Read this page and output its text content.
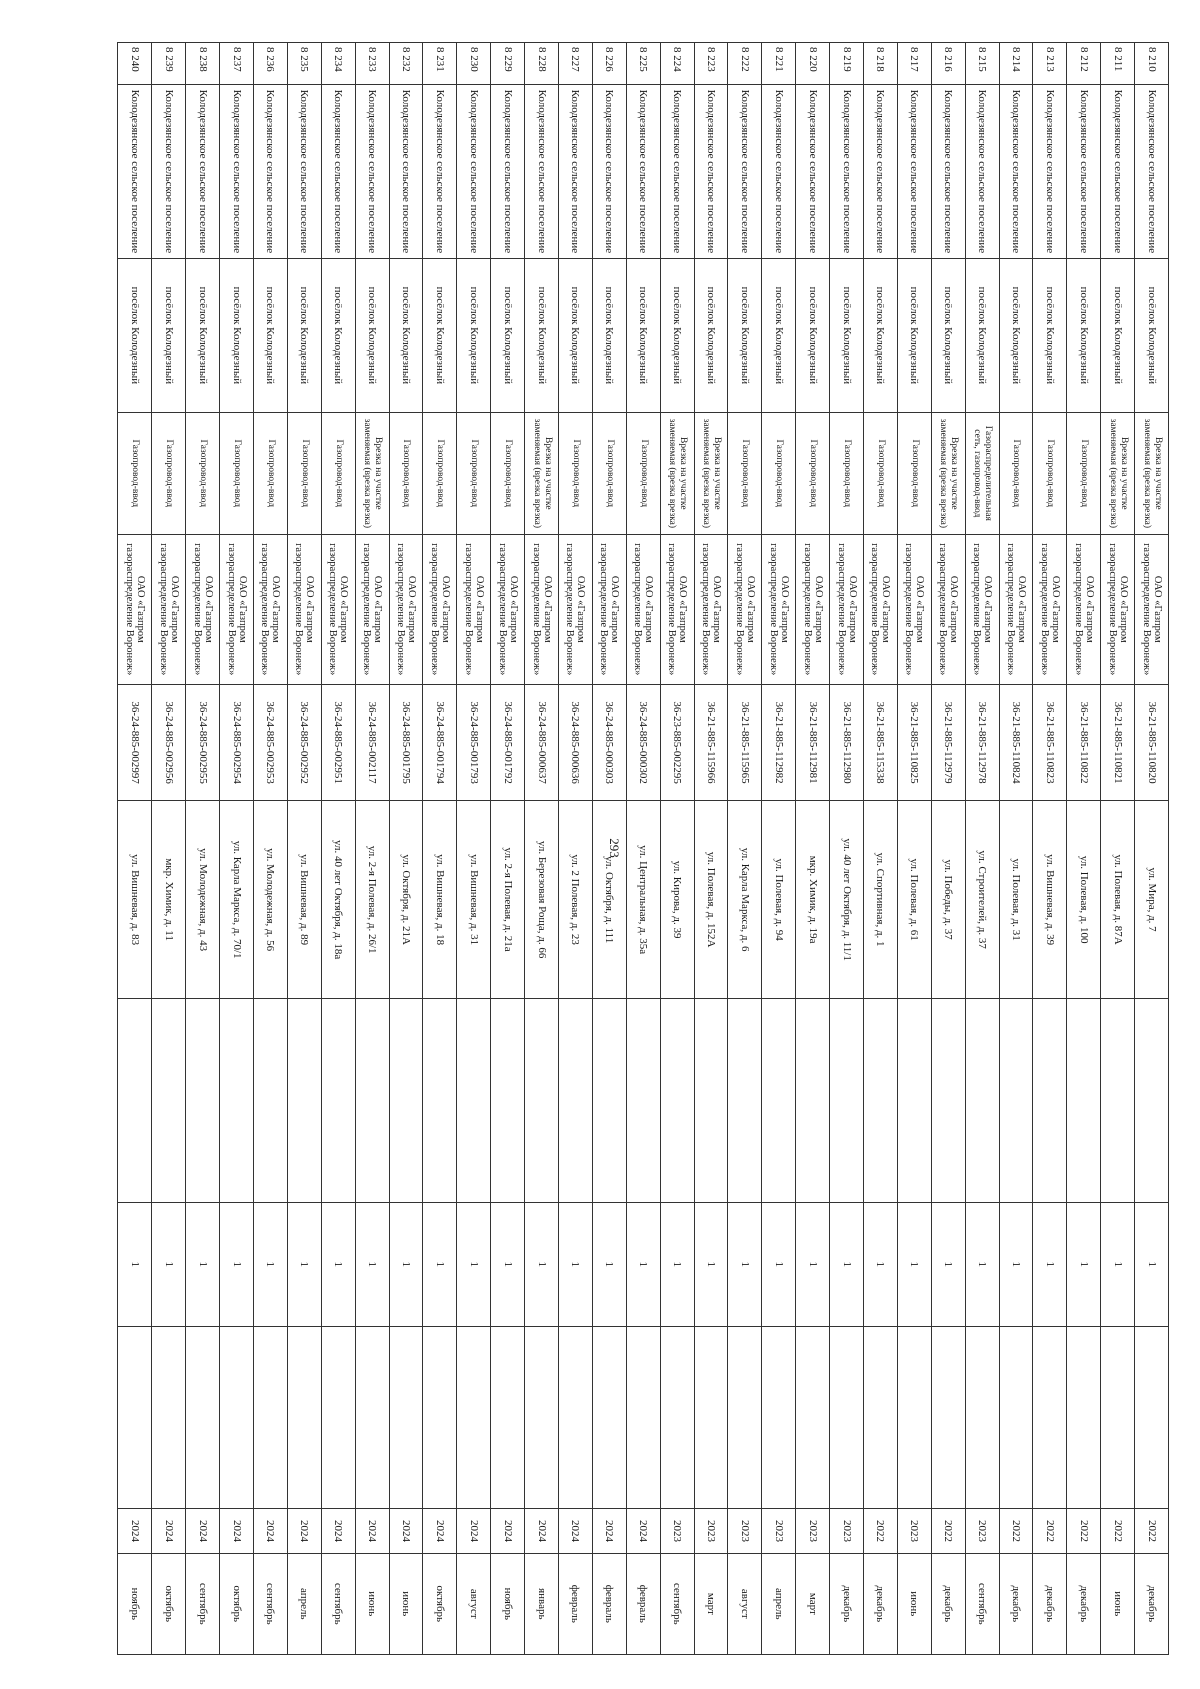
293
8 210	Колодезянское сельское поселение	посёлок Колодезный	Врезка на участке заменяемая (врезка врезка)	ОАО «Газпром газораспределение Воронеж»	36-21-885-110820	ул. Мира, д. 7		1		2022	декабрь
8 211	Колодезянское сельское поселение	посёлок Колодезный	Врезка на участке заменяемая (врезка врезка)	ОАО «Газпром газораспределение Воронеж»	36-21-885-110821	ул. Полевая, д. 87А		1		2022	июнь
8 212	Колодезянское сельское поселение	посёлок Колодезный	Газопровод-ввод	ОАО «Газпром газораспределение Воронеж»	36-21-885-110822	ул. Полевая, д. 100		1		2022	декабрь
8 213	Колодезянское сельское поселение	посёлок Колодезный	Газопровод-ввод	ОАО «Газпром газораспределение Воронеж»	36-21-885-110823	ул. Вишневая, д. 39		1		2022	декабрь
8 214	Колодезянское сельское поселение	посёлок Колодезный	Газопровод-ввод	ОАО «Газпром газораспределение Воронеж»	36-21-885-110824	ул. Полевая, д. 31		1		2022	декабрь
8 215	Колодезянское сельское поселение	посёлок Колодезный	Газораспределительная сеть, газопровод-ввод	ОАО «Газпром газораспределение Воронеж»	36-21-885-112978	ул. Строителей, д. 37		1		2023	сентябрь
8 216	Колодезянское сельское поселение	посёлок Колодезный	Врезка на участке заменяемая (врезка врезка)	ОАО «Газпром газораспределение Воронеж»	36-21-885-112979	ул. Победы, д. 37		1		2022	декабрь
8 217	Колодезянское сельское поселение	посёлок Колодезный	Газопровод-ввод	ОАО «Газпром газораспределение Воронеж»	36-21-885-110825	ул. Полевая, д. 61		1		2023	июнь
8 218	Колодезянское сельское поселение	посёлок Колодезный	Газопровод-ввод	ОАО «Газпром газораспределение Воронеж»	36-21-885-115338	ул. Спортивная, д. 1		1		2022	декабрь
8 219	Колодезянское сельское поселение	посёлок Колодезный	Газопровод-ввод	ОАО «Газпром газораспределение Воронеж»	36-21-885-112980	ул. 40 лет Октября, д. 11/1		1		2023	декабрь
8 220	Колодезянское сельское поселение	посёлок Колодезный	Газопровод-ввод	ОАО «Газпром газораспределение Воронеж»	36-21-885-112981	мкр. Химик, д. 19а		1		2023	март
8 221	Колодезянское сельское поселение	посёлок Колодезный	Газопровод-ввод	ОАО «Газпром газораспределение Воронеж»	36-21-885-112982	ул. Полевая, д. 94		1		2023	апрель
8 222	Колодезянское сельское поселение	посёлок Колодезный	Газопровод-ввод	ОАО «Газпром газораспределение Воронеж»	36-21-885-115965	ул. Карла Маркса, д. 6		1		2023	август
8 223	Колодезянское сельское поселение	посёлок Колодезный	Врезка на участке заменяемая (врезка врезка)	ОАО «Газпром газораспределение Воронеж»	36-21-885-115966	ул. Полевая, д. 152А		1		2023	март
8 224	Колодезянское сельское поселение	посёлок Колодезный	Врезка на участке заменяемая (врезка врезка)	ОАО «Газпром газораспределение Воронеж»	36-23-885-002295	ул. Кирова, д. 39		1		2023	сентябрь
8 225	Колодезянское сельское поселение	посёлок Колодезный	Газопровод-ввод	ОАО «Газпром газораспределение Воронеж»	36-24-885-000302	ул. Центральная, д. 35а		1		2024	февраль
8 226	Колодезянское сельское поселение	посёлок Колодезный	Газопровод-ввод	ОАО «Газпром газораспределение Воронеж»	36-24-885-000303	ул. Октября, д. 111		1		2024	февраль
8 227	Колодезянское сельское поселение	посёлок Колодезный	Газопровод-ввод	ОАО «Газпром газораспределение Воронеж»	36-24-885-000636	ул. 2 Полевая, д. 23		1		2024	февраль
8 228	Колодезянское сельское поселение	посёлок Колодезный	Врезка на участке заменяемая (врезка врезка)	ОАО «Газпром газораспределение Воронеж»	36-24-885-000637	ул. Березовая Роща, д. 66		1		2024	январь
8 229	Колодезянское сельское поселение	посёлок Колодезный	Газопровод-ввод	ОАО «Газпром газораспределение Воронеж»	36-24-885-001792	ул. 2-я Полевая, д. 21а		1		2024	ноябрь
8 230	Колодезянское сельское поселение	посёлок Колодезный	Газопровод-ввод	ОАО «Газпром газораспределение Воронеж»	36-24-885-001793	ул. Вишневая, д. 31		1		2024	август
8 231	Колодезянское сельское поселение	посёлок Колодезный	Газопровод-ввод	ОАО «Газпром газораспределение Воронеж»	36-24-885-001794	ул. Вишневая, д. 18		1		2024	октябрь
8 232	Колодезянское сельское поселение	посёлок Колодезный	Газопровод-ввод	ОАО «Газпром газораспределение Воронеж»	36-24-885-001795	ул. Октября, д. 21А		1		2024	июнь
8 233	Колодезянское сельское поселение	посёлок Колодезный	Врезка на участке заменяемая (врезка врезка)	ОАО «Газпром газораспределение Воронеж»	36-24-885-002117	ул. 2-я Полевая, д. 26/1		1		2024	июнь
8 234	Колодезянское сельское поселение	посёлок Колодезный	Газопровод-ввод	ОАО «Газпром газораспределение Воронеж»	36-24-885-002951	ул. 40 лет Октября, д. 18а		1		2024	сентябрь
8 235	Колодезянское сельское поселение	посёлок Колодезный	Газопровод-ввод	ОАО «Газпром газораспределение Воронеж»	36-24-885-002952	ул. Вишневая, д. 89		1		2024	апрель
8 236	Колодезянское сельское поселение	посёлок Колодезный	Газопровод-ввод	ОАО «Газпром газораспределение Воронеж»	36-24-885-002953	ул. Молодежная, д. 56		1		2024	сентябрь
8 237	Колодезянское сельское поселение	посёлок Колодезный	Газопровод-ввод	ОАО «Газпром газораспределение Воронеж»	36-24-885-002954	ул. Карла Маркса, д. 70/1		1		2024	октябрь
8 238	Колодезянское сельское поселение	посёлок Колодезный	Газопровод-ввод	ОАО «Газпром газораспределение Воронеж»	36-24-885-002955	ул. Молодежная, д. 43		1		2024	сентябрь
8 239	Колодезянское сельское поселение	посёлок Колодезный	Газопровод-ввод	ОАО «Газпром газораспределение Воронеж»	36-24-885-002956	мкр. Химик, д. 11		1		2024	октябрь
8 240	Колодезянское сельское поселение	посёлок Колодезный	Газопровод-ввод	ОАО «Газпром газораспределение Воронеж»	36-24-885-002997	ул. Вишневая, д. 83		1		2024	ноябрь
